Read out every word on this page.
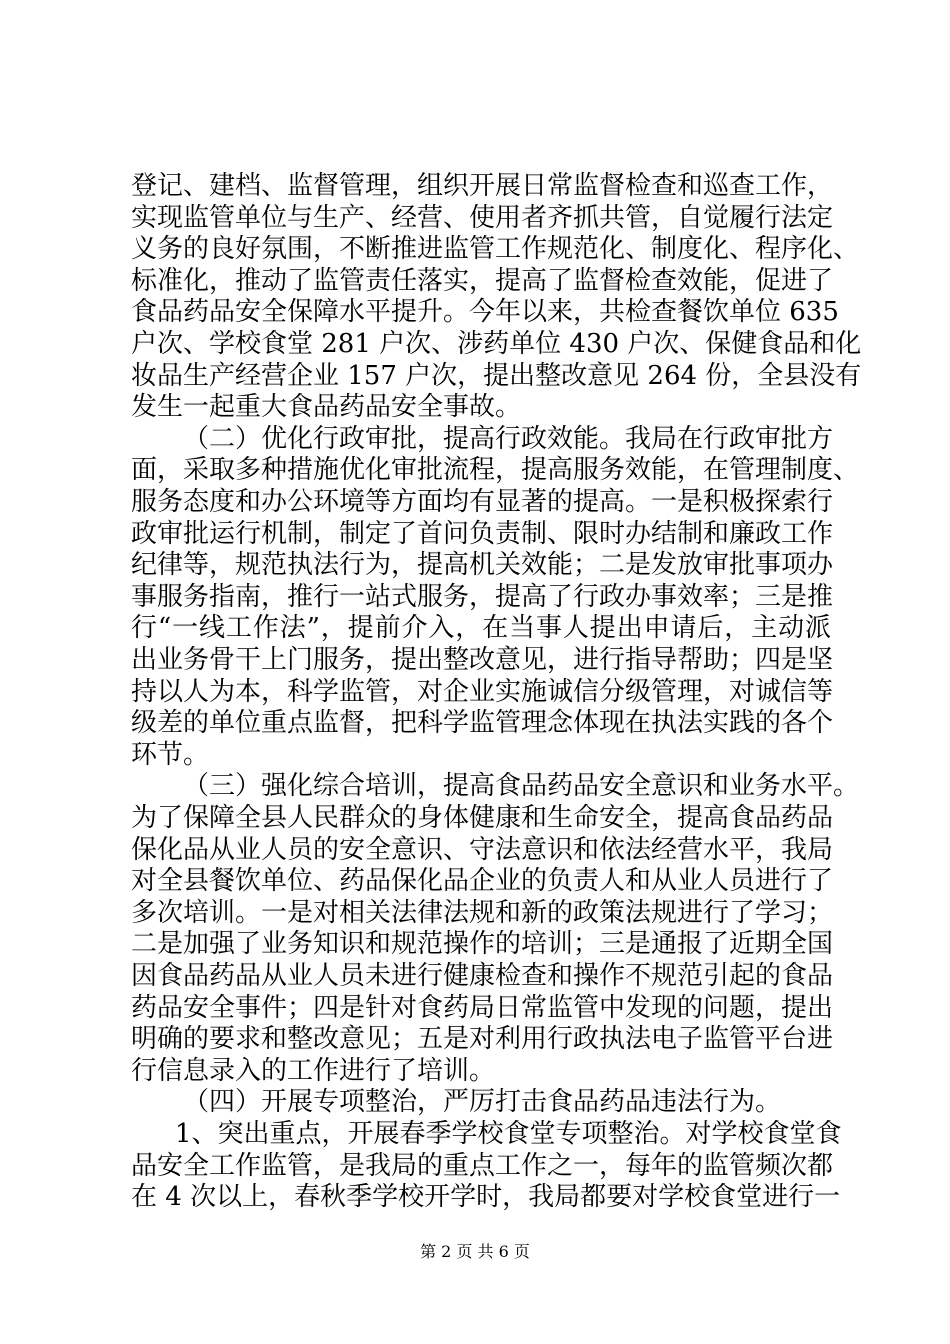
登记、建档、监督管理，组织开展日常监督检查和巡查工作，
实现监管单位与生产、经营、使用者齐抓共管，自觉履行法定
义务的良好氛围，不断推进监管工作规范化、制度化、程序化、
标准化，推动了监管责任落实，提高了监督检查效能，促进了
食品药品安全保障水平提升。今年以来，共检查餐饮单位 635
户次、学校食堂 281 户次、涉药单位 430 户次、保健食品和化
妆品生产经营企业 157 户次，提出整改意见 264 份，全县没有
发生一起重大食品药品安全事故。
（二）优化行政审批，提高行政效能。我局在行政审批方
面，采取多种措施优化审批流程，提高服务效能，在管理制度、
服务态度和办公环境等方面均有显著的提高。一是积极探索行
政审批运行机制，制定了首问负责制、限时办结制和廉政工作
纪律等，规范执法行为，提高机关效能；二是发放审批事项办
事服务指南，推行一站式服务，提高了行政办事效率；三是推
行“一线工作法”，提前介入，在当事人提出申请后，主动派
出业务骨干上门服务，提出整改意见，进行指导帮助；四是坚
持以人为本，科学监管，对企业实施诚信分级管理，对诚信等
级差的单位重点监督，把科学监管理念体现在执法实践的各个
环节。
（三）强化综合培训，提高食品药品安全意识和业务水平。
为了保障全县人民群众的身体健康和生命安全，提高食品药品
保化品从业人员的安全意识、守法意识和依法经营水平，我局
对全县餐饮单位、药品保化品企业的负责人和从业人员进行了
多次培训。一是对相关法律法规和新的政策法规进行了学习；
二是加强了业务知识和规范操作的培训；三是通报了近期全国
因食品药品从业人员未进行健康检查和操作不规范引起的食品
药品安全事件；四是针对食药局日常监管中发现的问题，提出
明确的要求和整改意见；五是对利用行政执法电子监管平台进
行信息录入的工作进行了培训。
（四）开展专项整治，严厉打击食品药品违法行为。
1、突出重点，开展春季学校食堂专项整治。对学校食堂食
品安全工作监管，是我局的重点工作之一，每年的监管频次都
在 4 次以上，春秋季学校开学时，我局都要对学校食堂进行一
第 2 页 共 6 页
